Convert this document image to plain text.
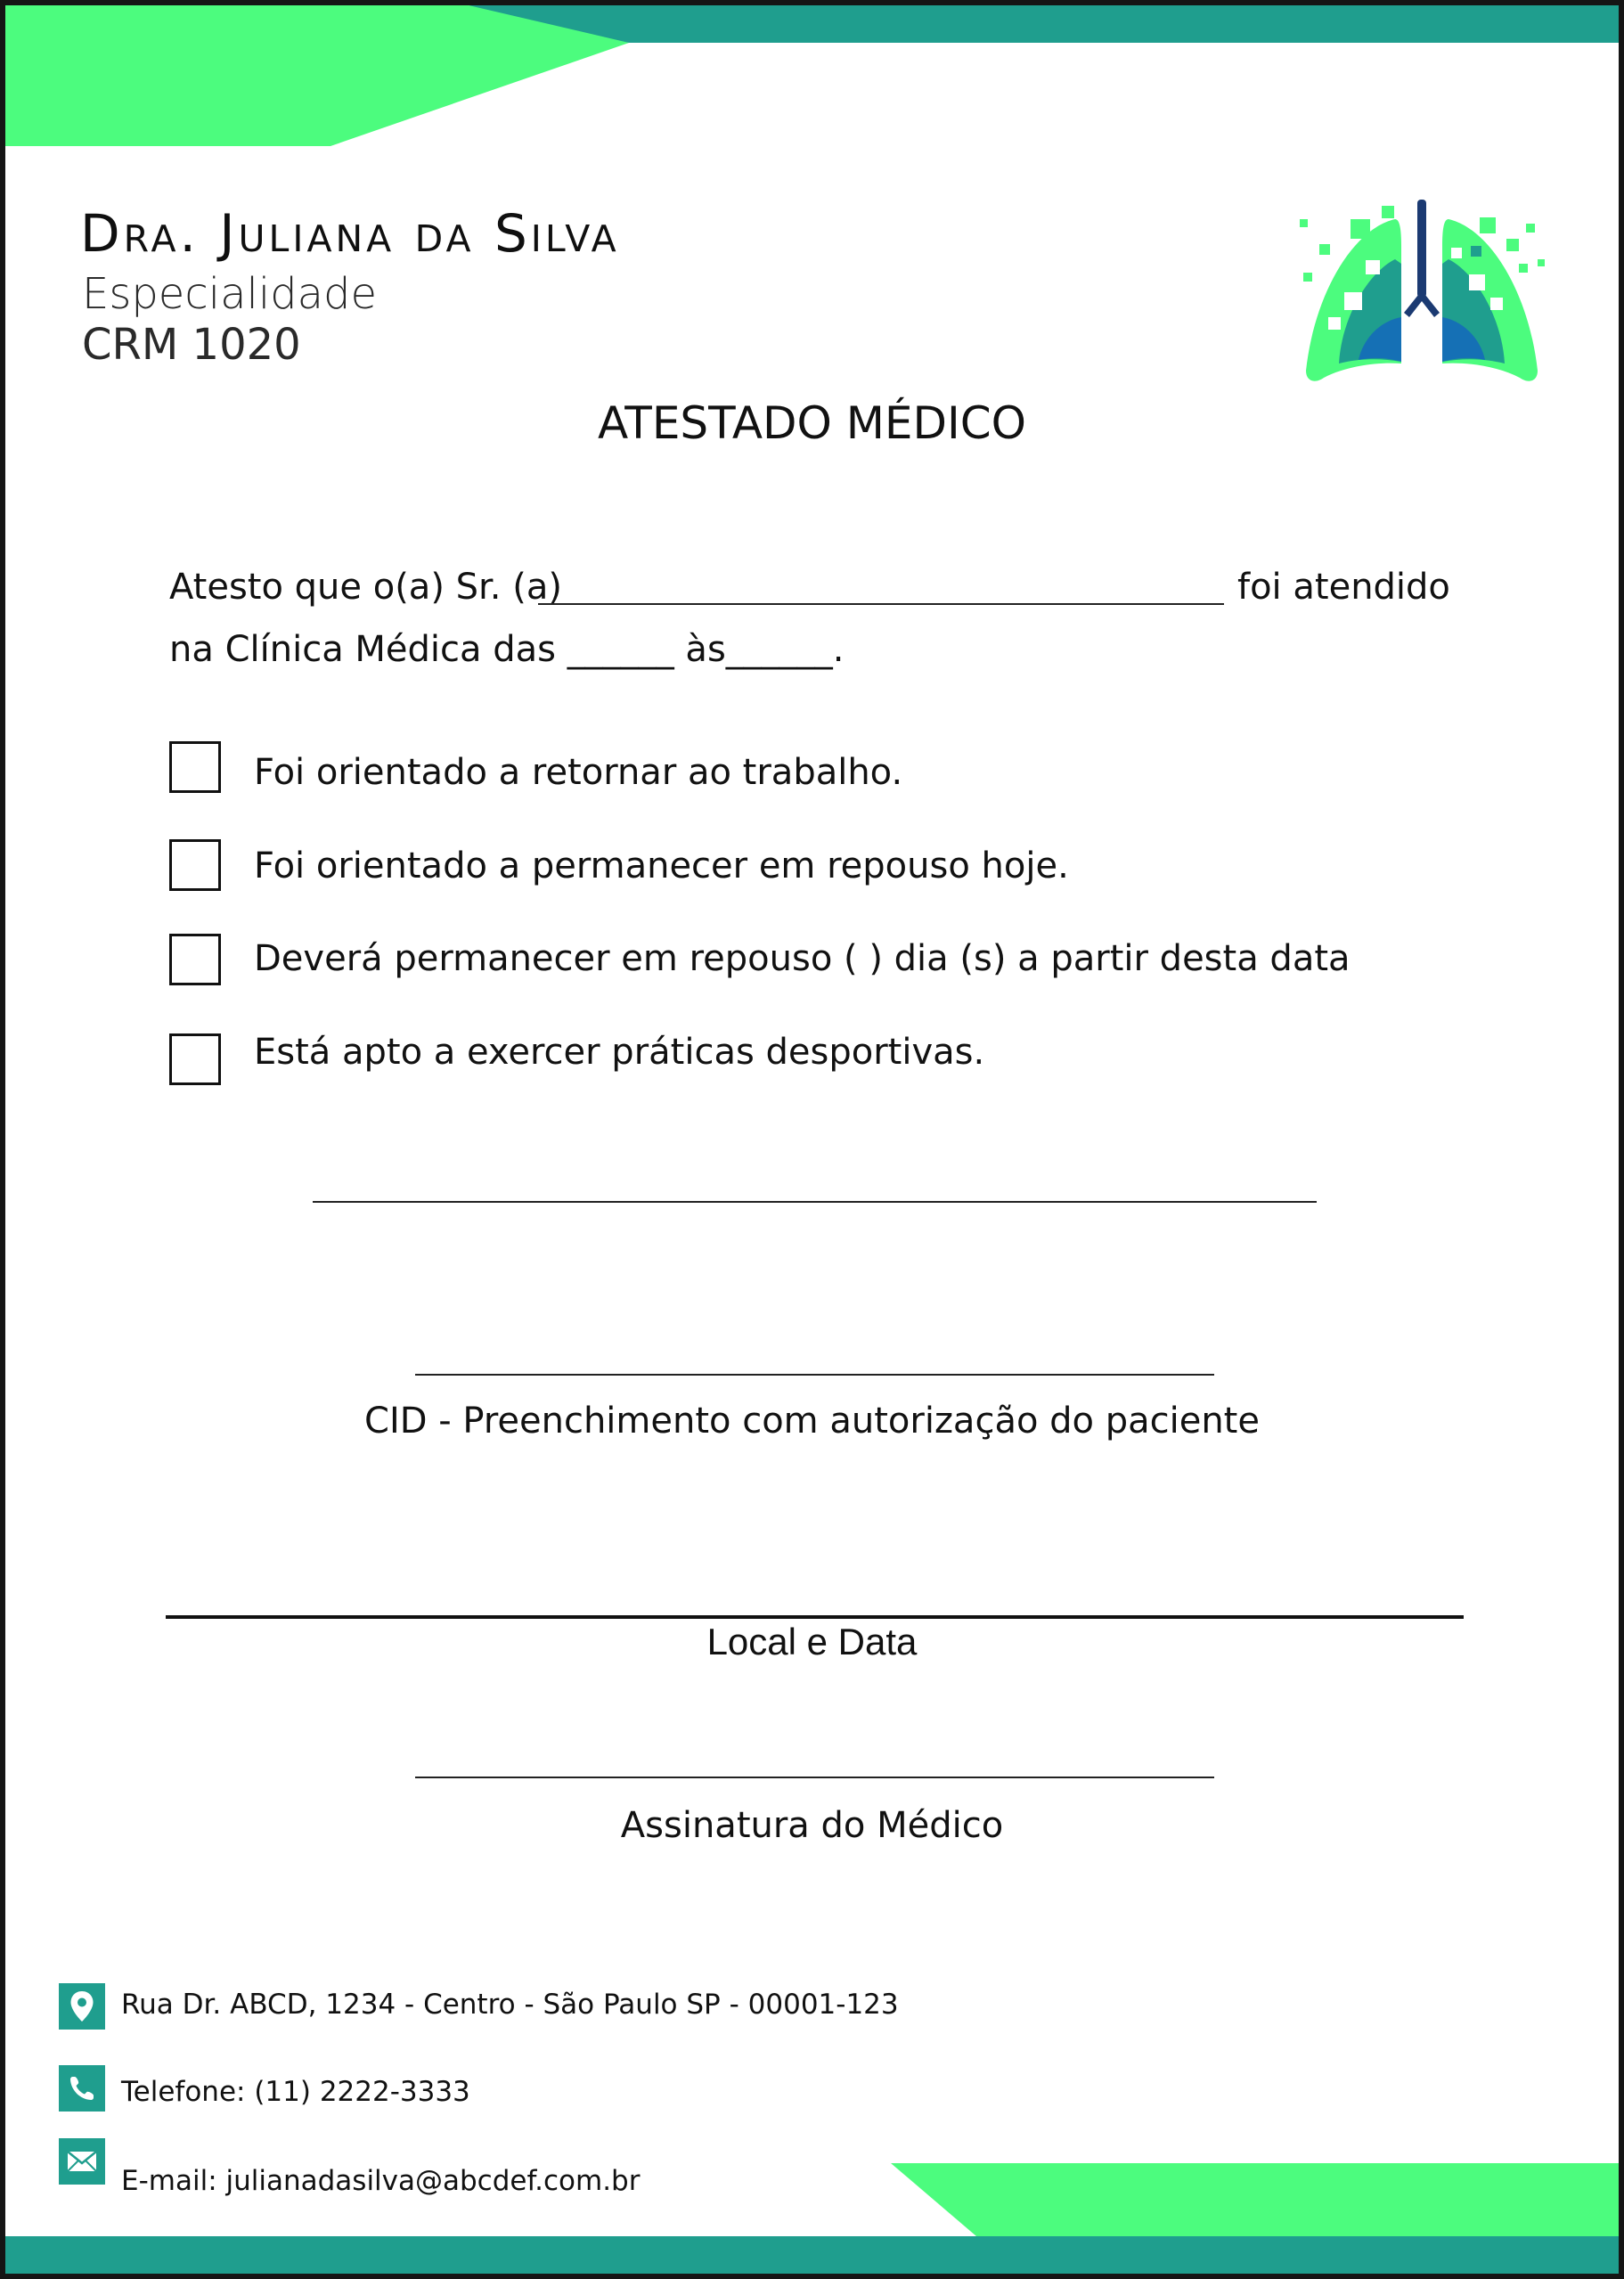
Dra. Juliana da Silva
Especialidade
CRM 1020
ATESTADO MÉDICO
Atesto que o(a) Sr. (a)	foi atendido
na Clínica Médica das ______ às______.
Foi orientado a retornar ao trabalho.
Foi orientado a permanecer em repouso hoje.
Deverá permanecer em repouso ( ) dia (s) a partir desta data
Está apto a exercer práticas desportivas.
CID - Preenchimento com autorização do paciente
Local e Data
Assinatura do Médico
Rua Dr. ABCD, 1234 - Centro - São Paulo SP - 00001-123
Telefone: (11) 2222-3333
E-mail: julianadasilva@abcdef.com.br
